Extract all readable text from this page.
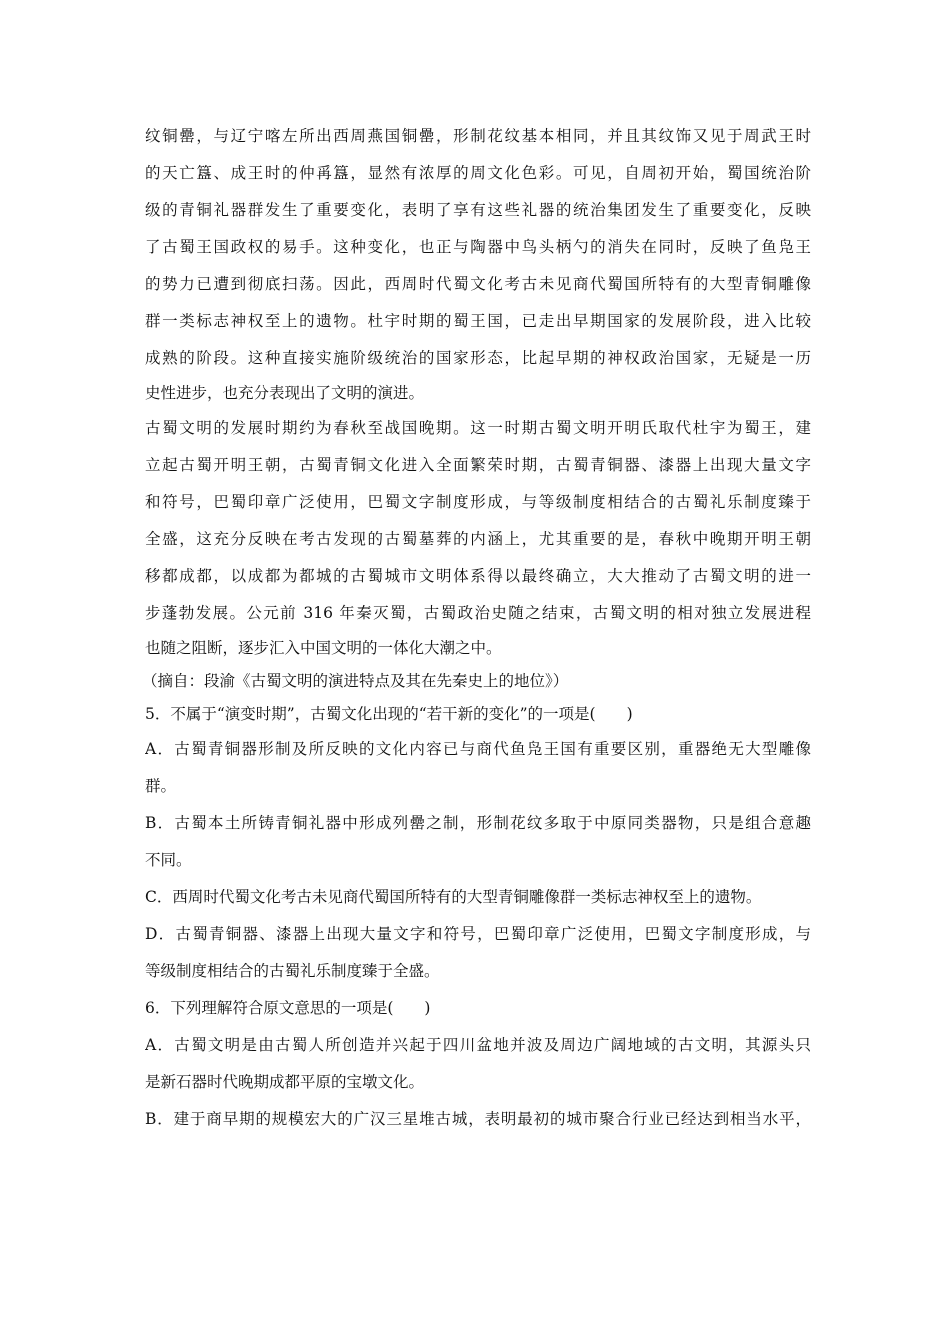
纹铜罍，与辽宁喀左所出西周燕国铜罍，形制花纹基本相同，并且其纹饰又见于周武王时
的天亡簋、成王时的仲爯簋，显然有浓厚的周文化色彩。可见，自周初开始，蜀国统治阶
级的青铜礼器群发生了重要变化，表明了享有这些礼器的统治集团发生了重要变化，反映
了古蜀王国政权的易手。这种变化，也正与陶器中鸟头柄勺的消失在同时，反映了鱼凫王
的势力已遭到彻底扫荡。因此，西周时代蜀文化考古未见商代蜀国所特有的大型青铜雕像
群一类标志神权至上的遗物。杜宇时期的蜀王国，已走出早期国家的发展阶段，进入比较
成熟的阶段。这种直接实施阶级统治的国家形态，比起早期的神权政治国家，无疑是一历
史性进步，也充分表现出了文明的演进。
古蜀文明的发展时期约为春秋至战国晚期。这一时期古蜀文明开明氏取代杜宇为蜀王，建
立起古蜀开明王朝，古蜀青铜文化进入全面繁荣时期，古蜀青铜器、漆器上出现大量文字
和符号，巴蜀印章广泛使用，巴蜀文字制度形成，与等级制度相结合的古蜀礼乐制度臻于
全盛，这充分反映在考古发现的古蜀墓葬的内涵上，尤其重要的是，春秋中晚期开明王朝
移都成都，以成都为都城的古蜀城市文明体系得以最终确立，大大推动了古蜀文明的进一
步蓬勃发展。公元前 316 年秦灭蜀，古蜀政治史随之结束，古蜀文明的相对独立发展进程
也随之阻断，逐步汇入中国文明的一体化大潮之中。
（摘自：段渝《古蜀文明的演进特点及其在先秦史上的地位》）
5．不属于“演变时期”，古蜀文化出现的“若干新的变化”的一项是(　　)
A．古蜀青铜器形制及所反映的文化内容已与商代鱼凫王国有重要区别，重器绝无大型雕像
群。
B．古蜀本土所铸青铜礼器中形成列罍之制，形制花纹多取于中原同类器物，只是组合意趣
不同。
C．西周时代蜀文化考古未见商代蜀国所特有的大型青铜雕像群一类标志神权至上的遗物。
D．古蜀青铜器、漆器上出现大量文字和符号，巴蜀印章广泛使用，巴蜀文字制度形成，与
等级制度相结合的古蜀礼乐制度臻于全盛。
6．下列理解符合原文意思的一项是(　　)
A．古蜀文明是由古蜀人所创造并兴起于四川盆地并波及周边广阔地域的古文明，其源头只
是新石器时代晚期成都平原的宝墩文化。
B．建于商早期的规模宏大的广汉三星堆古城，表明最初的城市聚合行业已经达到相当水平，
